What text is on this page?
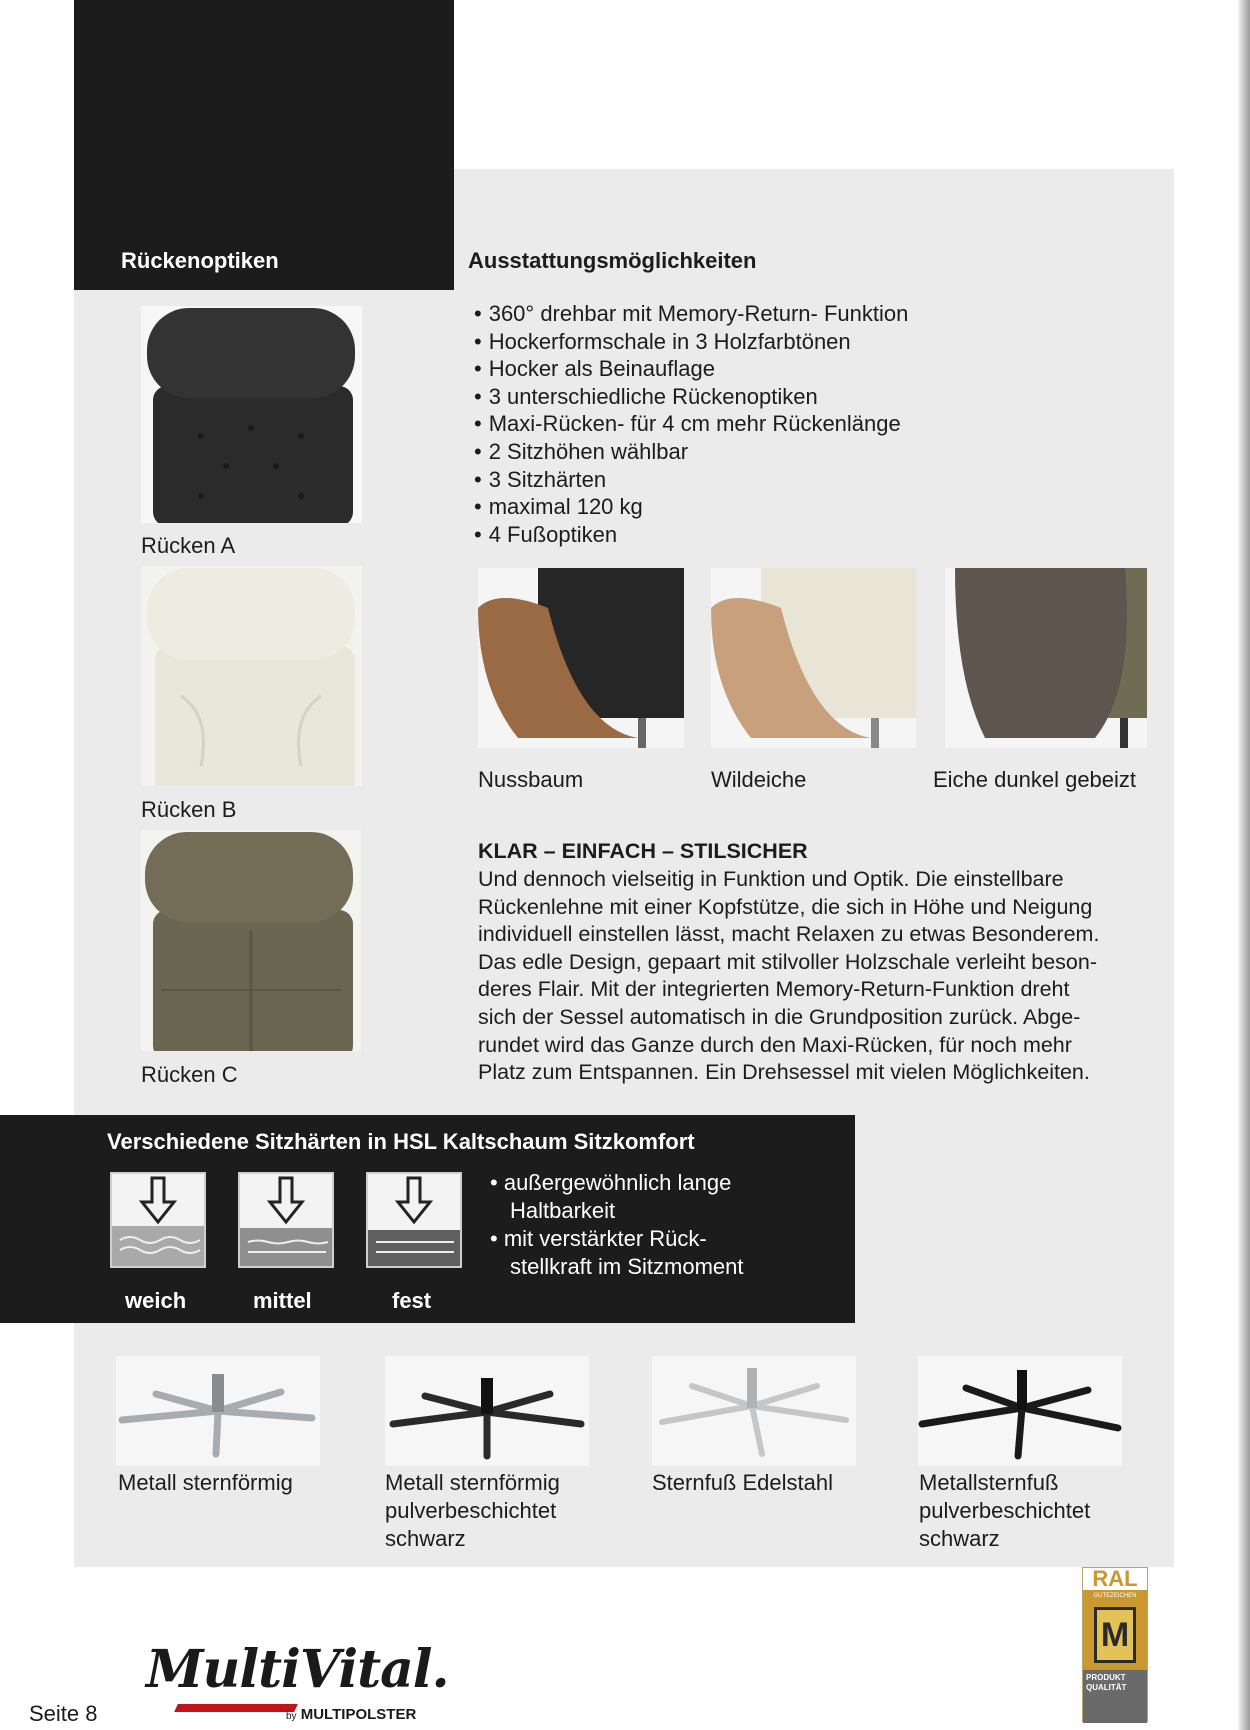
Rückenoptiken	Ausstattungsmöglichkeiten
Rücken A
Rücken B
Rücken C
• 360° drehbar mit Memory-Return- Funktion
• Hockerformschale in 3 Holzfarbtönen
• Hocker als Beinauflage
• 3 unterschiedliche Rückenoptiken
• Maxi-Rücken- für 4 cm mehr Rückenlänge
• 2 Sitzhöhen wählbar
• 3 Sitzhärten
• maximal 120 kg
• 4 Fußoptiken
Nussbaum	Wildeiche	Eiche dunkel gebeizt
KLAR – EINFACH – STILSICHER
Und dennoch vielseitig in Funktion und Optik. Die einstellbare
Rückenlehne mit einer Kopfstütze, die sich in Höhe und Neigung
individuell einstellen lässt, macht Relaxen zu etwas Besonderem.
Das edle Design, gepaart mit stilvoller Holzschale verleiht beson-
deres Flair. Mit der integrierten Memory-Return-Funktion dreht
sich der Sessel automatisch in die Grundposition zurück. Abge-
rundet wird das Ganze durch den Maxi-Rücken, für noch mehr
Platz zum Entspannen. Ein Drehsessel mit vielen Möglichkeiten.
Verschiedene Sitzhärten in HSL Kaltschaum Sitzkomfort
weich	mittel	fest
• außergewöhnlich lange
Haltbarkeit
• mit verstärkter Rück-
stellkraft im Sitzmoment
Metall sternförmig	Metall sternförmig
pulverbeschichtet
schwarz
Sternfuß Edelstahl	Metallsternfuß
pulverbeschichtet
schwarz
Seite 8
MultiVital.
by MULTIPOLSTER
RAL
GÜTEZEICHEN
M
PRODUKT QUALITÄT
